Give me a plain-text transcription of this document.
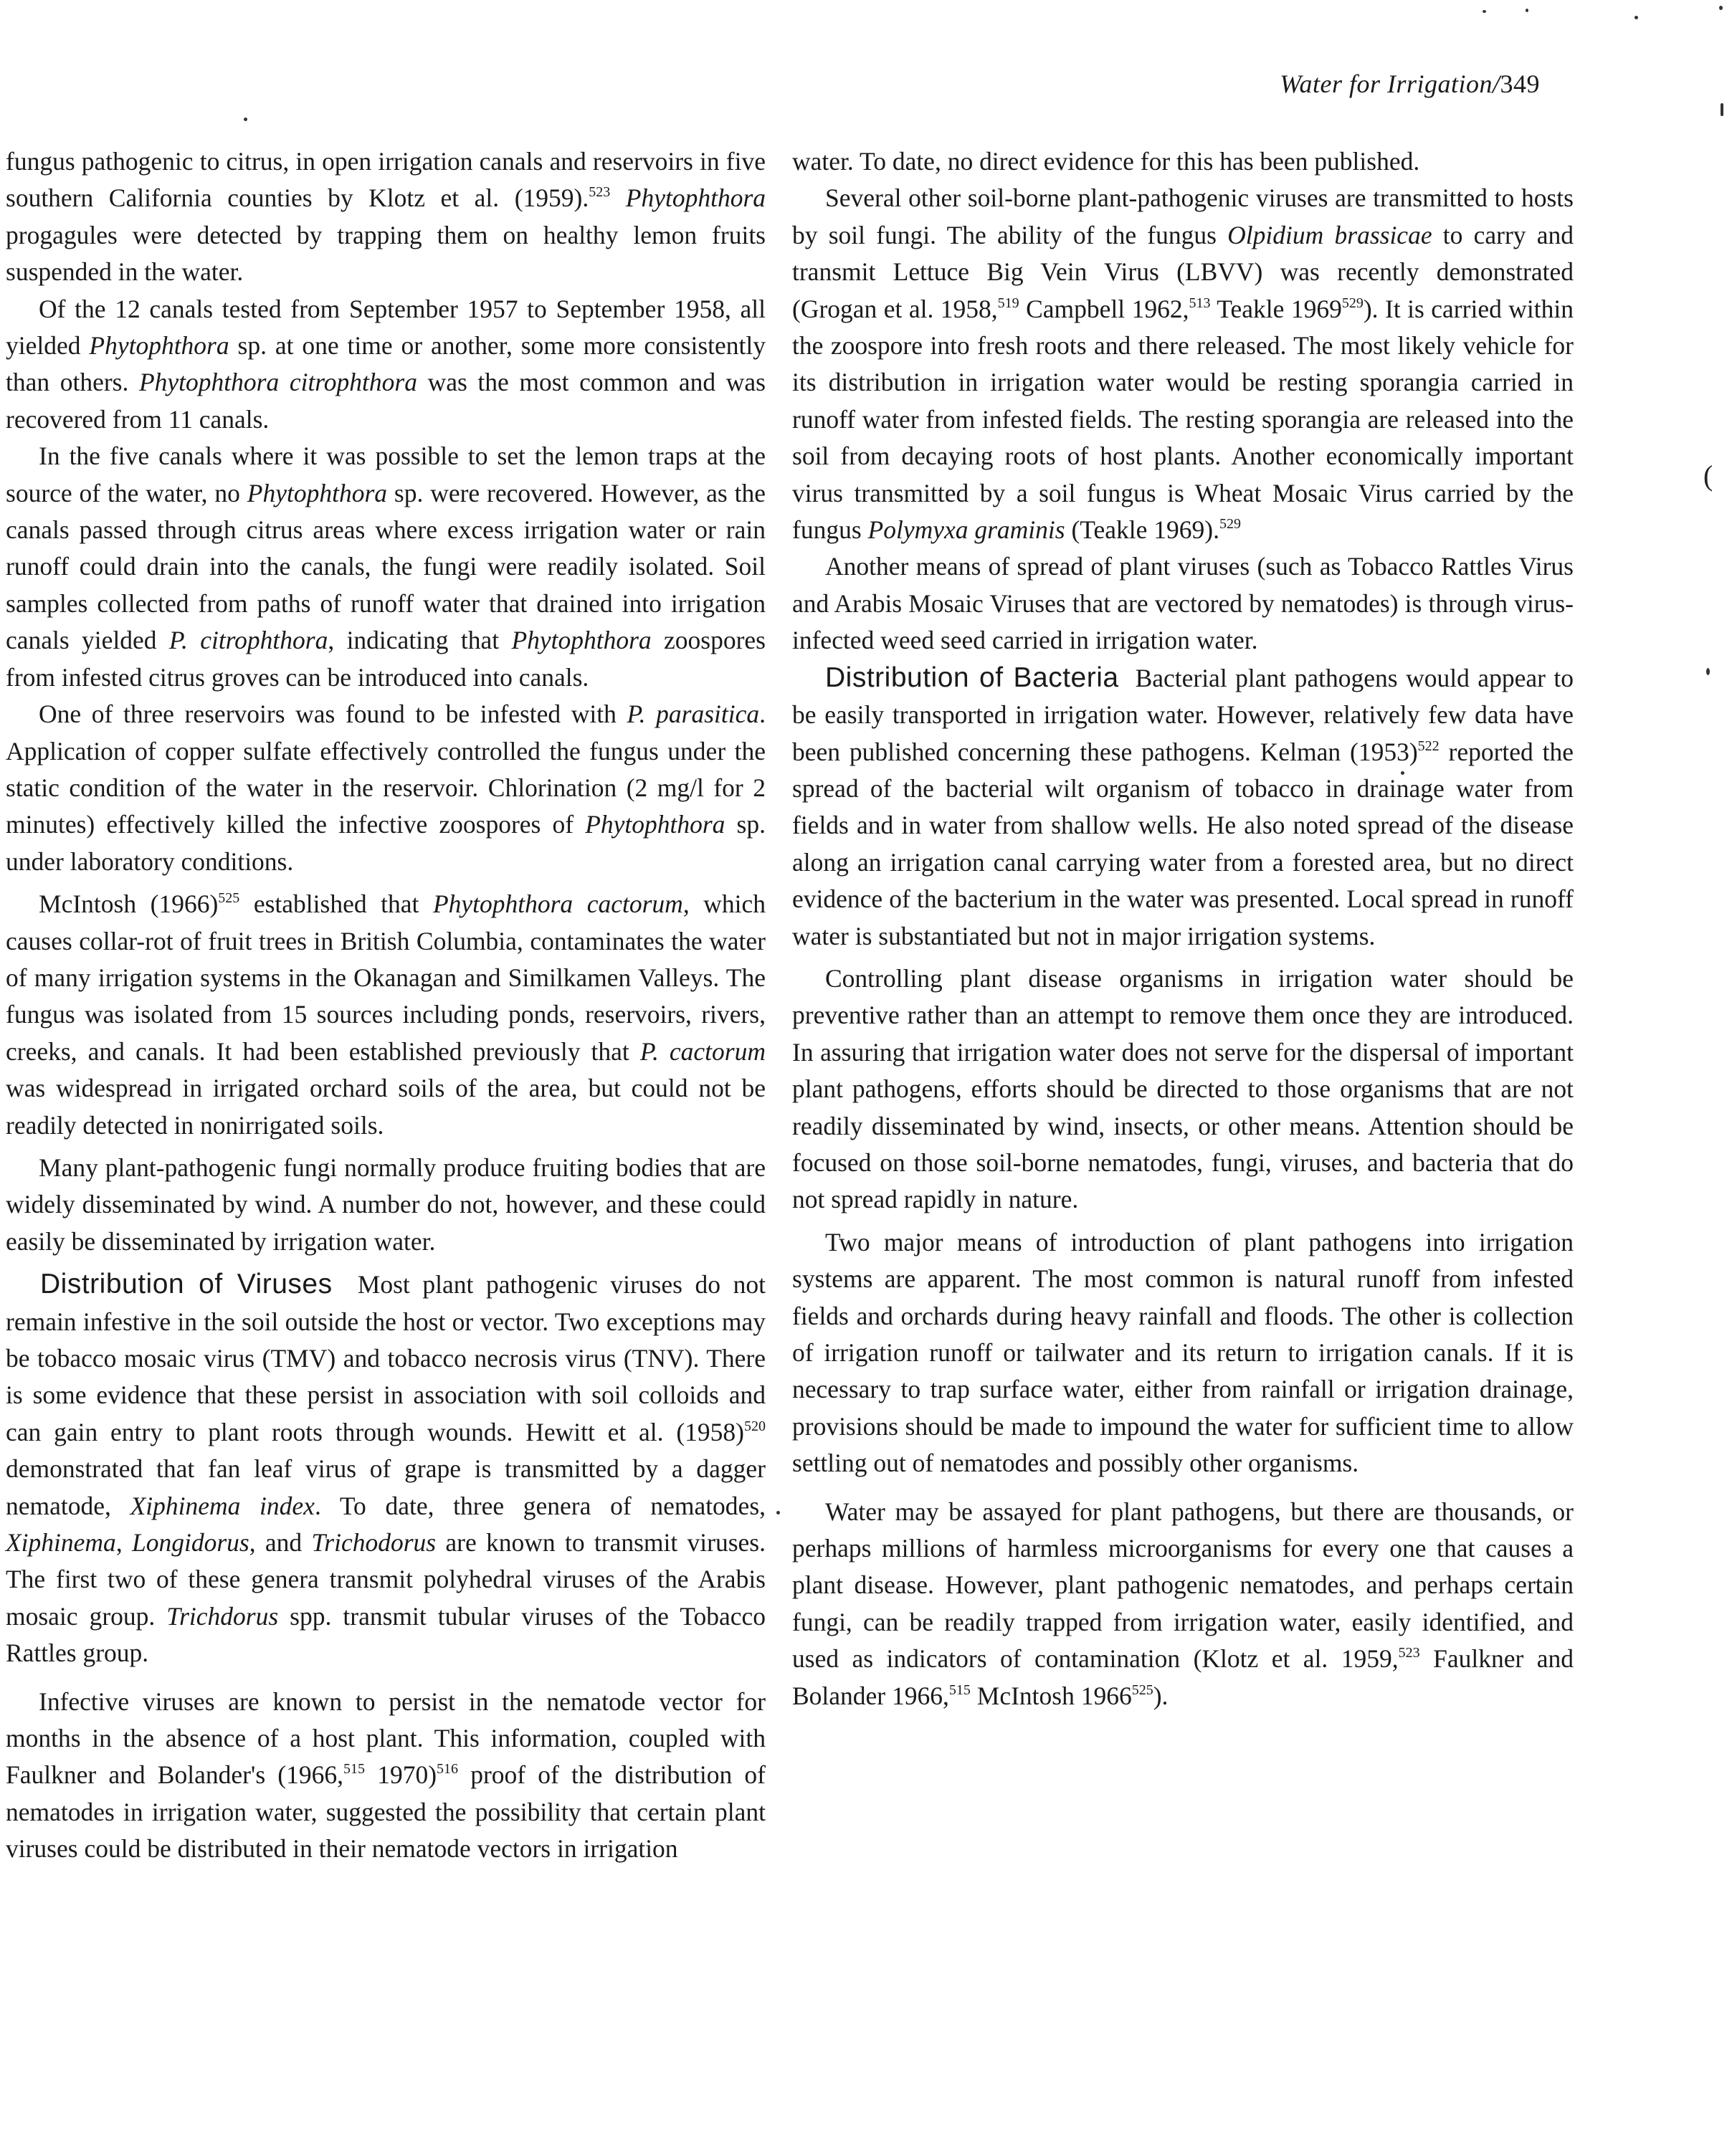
Water for Irrigation/349
(

fungus pathogenic to citrus, in open irrigation canals and reservoirs in five southern California counties by Klotz et al. (1959).$^{523}$ Phytophthora progagules were detected by trapping them on healthy lemon fruits suspended in the water.

Of the 12 canals tested from September 1957 to September 1958, all yielded Phytophthora sp. at one time or another, some more consistently than others. Phytophthora citrophthora was the most common and was recovered from 11 canals.

In the five canals where it was possible to set the lemon traps at the source of the water, no Phytophthora sp. were recovered. However, as the canals passed through citrus areas where excess irrigation water or rain runoff could drain into the canals, the fungi were readily isolated. Soil samples collected from paths of runoff water that drained into irrigation canals yielded P. citrophthora, indicating that Phytophthora zoospores from infested citrus groves can be introduced into canals.

One of three reservoirs was found to be infested with P. parasitica. Application of copper sulfate effectively controlled the fungus under the static condition of the water in the reservoir. Chlorination (2 mg/l for 2 minutes) effectively killed the infective zoospores of Phytophthora sp. under laboratory conditions.

McIntosh $(1966)^{525}$ established that Phytophthora cactorum, which causes collar-rot of fruit trees in British Columbia, contaminates the water of many irrigation systems in the Okanagan and Similkamen Valleys. The fungus was isolated from 15 sources including ponds, reservoirs, rivers, creeks, and canals. It had been established previously that P. cactorum was widespread in irrigated orchard soils of the area, but could not be readily detected in nonirrigated soils.

Many plant-pathogenic fungi normally produce fruiting bodies that are widely disseminated by wind. A number do not, however, and these could easily be disseminated by irrigation water.

Distribution of Viruses Most plant pathogenic viruses do not remain infestive in the soil outside the host or vector. Two exceptions may be tobacco mosaic virus (TMV) and tobacco necrosis virus (TNV). There is some evidence that these persist in association with soil colloids and can gain entry to plant roots through wounds. Hewitt et al. $(1958)^{520}$ demonstrated that fan leaf virus of grape is transmitted by a dagger nematode, Xiphinema index. To date, three genera of nematodes, Xiphinema, Longidorus, and Trichodorus are known to transmit viruses. The first two of these genera transmit polyhedral viruses of the Arabis mosaic group. Trichdorus spp. transmit tubular viruses of the Tobacco Rattles group.

Infective viruses are known to persist in the nematode vector for months in the absence of a host plant. This information, coupled with Faulkner and Bolander's (1966,$^{515}$ 1970)$^{516}$ proof of the distribution of nematodes in irrigation water, suggested the possibility that certain plant viruses could be distributed in their nematode vectors in irrigation

water. To date, no direct evidence for this has been published.

Several other soil-borne plant-pathogenic viruses are transmitted to hosts by soil fungi. The ability of the fungus Olpidium brassicae to carry and transmit Lettuce Big Vein Virus (LBVV) was recently demonstrated (Grogan et al. 1958,$^{519}$ Campbell 1962,$^{513}$ Teakle 1969$^{529}$). It is carried within the zoospore into fresh roots and there released. The most likely vehicle for its distribution in irrigation water would be resting sporangia carried in runoff water from infested fields. The resting sporangia are released into the soil from decaying roots of host plants. Another economically important virus transmitted by a soil fungus is Wheat Mosaic Virus carried by the fungus Polymyxa graminis (Teakle 1969).$^{529}$

Another means of spread of plant viruses (such as Tobacco Rattles Virus and Arabis Mosaic Viruses that are vectored by nematodes) is through virus-infected weed seed carried in irrigation water.

Distribution of Bacteria Bacterial plant pathogens would appear to be easily transported in irrigation water. However, relatively few data have been published concerning these pathogens. Kelman $(1953)^{522}$ reported the spread of the bacterial wilt organism of tobacco in drainage water from fields and in water from shallow wells. He also noted spread of the disease along an irrigation canal carrying water from a forested area, but no direct evidence of the bacterium in the water was presented. Local spread in runoff water is substantiated but not in major irrigation systems.

Controlling plant disease organisms in irrigation water should be preventive rather than an attempt to remove them once they are introduced. In assuring that irrigation water does not serve for the dispersal of important plant pathogens, efforts should be directed to those organisms that are not readily disseminated by wind, insects, or other means. Attention should be focused on those soil-borne nematodes, fungi, viruses, and bacteria that do not spread rapidly in nature.

Two major means of introduction of plant pathogens into irrigation systems are apparent. The most common is natural runoff from infested fields and orchards during heavy rainfall and floods. The other is collection of irrigation runoff or tailwater and its return to irrigation canals. If it is necessary to trap surface water, either from rainfall or irrigation drainage, provisions should be made to impound the water for sufficient time to allow settling out of nematodes and possibly other organisms.

Water may be assayed for plant pathogens, but there are thousands, or perhaps millions of harmless microorganisms for every one that causes a plant disease. However, plant pathogenic nematodes, and perhaps certain fungi, can be readily trapped from irrigation water, easily identified, and used as indicators of contamination (Klotz et al. 1959,$^{523}$ Faulkner and Bolander 1966,$^{515}$ McIntosh 1966$^{525}$).
